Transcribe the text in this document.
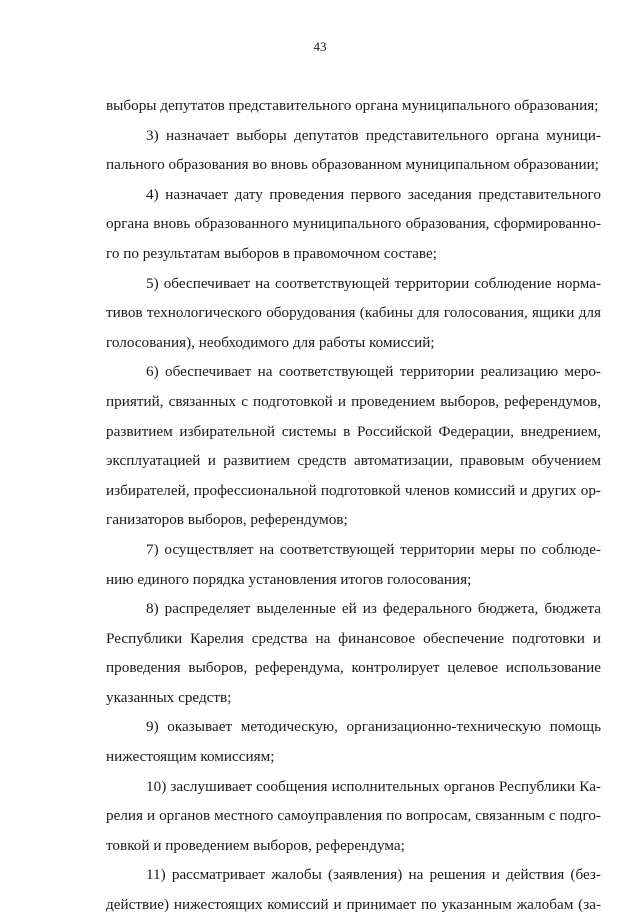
43
выборы депутатов представительного органа муниципального образования;
3) назначает выборы депутатов представительного органа муници-
пального образования во вновь образованном муниципальном образовании;
4) назначает дату проведения первого заседания представительного
органа вновь образованного муниципального образования, сформированно-
го по результатам выборов в правомочном составе;
5) обеспечивает на соответствующей территории соблюдение норма-
тивов технологического оборудования (кабины для голосования, ящики для
голосования), необходимого для работы комиссий;
6) обеспечивает на соответствующей территории реализацию меро-
приятий, связанных с подготовкой и проведением выборов, референдумов,
развитием избирательной системы в Российской Федерации, внедрением,
эксплуатацией и развитием средств автоматизации, правовым обучением
избирателей, профессиональной подготовкой членов комиссий и других ор-
ганизаторов выборов, референдумов;
7) осуществляет на соответствующей территории меры по соблюде-
нию единого порядка установления итогов голосования;
8) распределяет выделенные ей из федерального бюджета, бюджета
Республики Карелия средства на финансовое обеспечение подготовки и
проведения выборов, референдума, контролирует целевое использование
указанных средств;
9) оказывает методическую, организационно-техническую помощь
нижестоящим комиссиям;
10) заслушивает сообщения исполнительных органов Республики Ка-
релия и органов местного самоуправления по вопросам, связанным с подго-
товкой и проведением выборов, референдума;
11) рассматривает жалобы (заявления) на решения и действия (без-
действие) нижестоящих комиссий и принимает по указанным жалобам (за-
